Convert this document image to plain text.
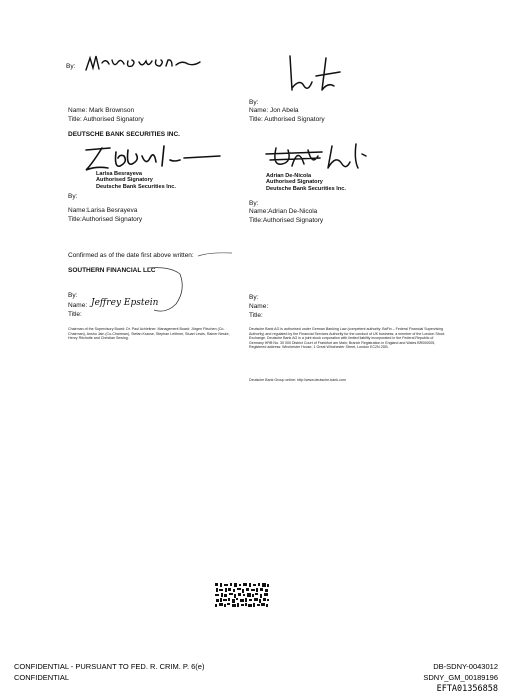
By:
Name: Mark Brownson
Title: Authorised Signatory
By:
Name: Jon Abela
Title: Authorised Signatory
DEUTSCHE BANK SECURITIES INC.
Larisa Besrayeva
Authorised Signatory
Deutsche Bank Securities Inc.
By:
Name:Larisa Besrayeva
Title:Authorised Signatory
Adrian De-Nicola
Authorised Signatory
Deutsche Bank Securities Inc.
By:
Name:Adrian De-Nicola
Title:Authorised Signatory
Confirmed as of the date first above written:
SOUTHERN FINANCIAL LLC
By:
Name: Jeffrey Epstein
Title:
By:
Name:
Title:
Chairman of the Supervisory Board: Dr. Paul Achleitner. Management Board: Jürgen Fitschen (Co-Chairman), Anshu Jain (Co-Chairman), Stefan Krause, Stephan Leithner, Stuart Lewis, Rainer Neske, Henry Ritchotte and Christian Sewing.
Deutsche Bank AG is authorised under German Banking Law (competent authority: BaFin – Federal Financial Supervising Authority) and regulated by the Financial Services Authority for the conduct of UK business; a member of the London Stock Exchange. Deutsche Bank AG is a joint stock corporation with limited liability incorporated in the Federal Republic of Germany HRB No. 30 000 District Court of Frankfurt am Main; Branch Registration in England and Wales BR000005, Registered address: Winchester House, 1 Great Winchester Street, London EC2N 2DB.
Deutsche Bank Group online: http://www.deutsche-bank.com
CONFIDENTIAL - PURSUANT TO FED. R. CRIM. P. 6(e)
CONFIDENTIAL
DB-SDNY-0043012
SDNY_GM_00189196
EFTA01356858
